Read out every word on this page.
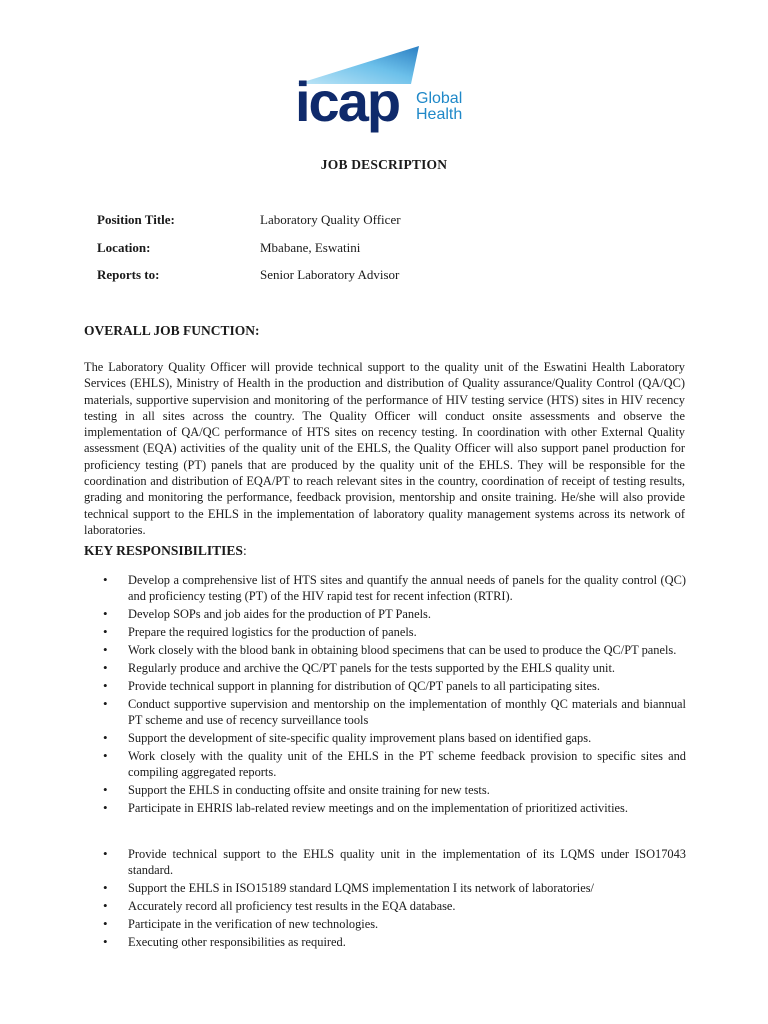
icap Global
Health
JOB DESCRIPTION
Position Title:	Laboratory Quality Officer
Location:	Mbabane, Eswatini
Reports to:	Senior Laboratory Advisor
OVERALL JOB FUNCTION:
The Laboratory Quality Officer will provide technical support to the quality unit of the Eswatini Health Laboratory Services (EHLS), Ministry of Health in the production and distribution of Quality assurance/Quality Control (QA/QC) materials, supportive supervision and monitoring of the performance of HIV testing service (HTS) sites in HIV recency testing in all sites across the country. The Quality Officer will conduct onsite assessments and observe the implementation of QA/QC performance of HTS sites on recency testing. In coordination with other External Quality assessment (EQA) activities of the quality unit of the EHLS, the Quality Officer will also support panel production for proficiency testing (PT) panels that are produced by the quality unit of the EHLS. They will be responsible for the coordination and distribution of EQA/PT to reach relevant sites in the country, coordination of receipt of testing results, grading and monitoring the performance, feedback provision, mentorship and onsite training. He/she will also provide technical support to the EHLS in the implementation of laboratory quality management systems across its network of laboratories.
KEY RESPONSIBILITIES:
• Develop a comprehensive list of HTS sites and quantify the annual needs of panels for the quality control (QC) and proficiency testing (PT) of the HIV rapid test for recent infection (RTRI).
• Develop SOPs and job aides for the production of PT Panels.
• Prepare the required logistics for the production of panels.
• Work closely with the blood bank in obtaining blood specimens that can be used to produce the QC/PT panels.
• Regularly produce and archive the QC/PT panels for the tests supported by the EHLS quality unit.
• Provide technical support in planning for distribution of QC/PT panels to all participating sites.
• Conduct supportive supervision and mentorship on the implementation of monthly QC materials and biannual PT scheme and use of recency surveillance tools
• Support the development of site-specific quality improvement plans based on identified gaps.
• Work closely with the quality unit of the EHLS in the PT scheme feedback provision to specific sites and compiling aggregated reports.
• Support the EHLS in conducting offsite and onsite training for new tests.
• Participate in EHRIS lab-related review meetings and on the implementation of prioritized activities.
• Provide technical support to the EHLS quality unit in the implementation of its LQMS under ISO17043 standard.
• Support the EHLS in ISO15189 standard LQMS implementation I its network of laboratories/
• Accurately record all proficiency test results in the EQA database.
• Participate in the verification of new technologies.
• Executing other responsibilities as required.
